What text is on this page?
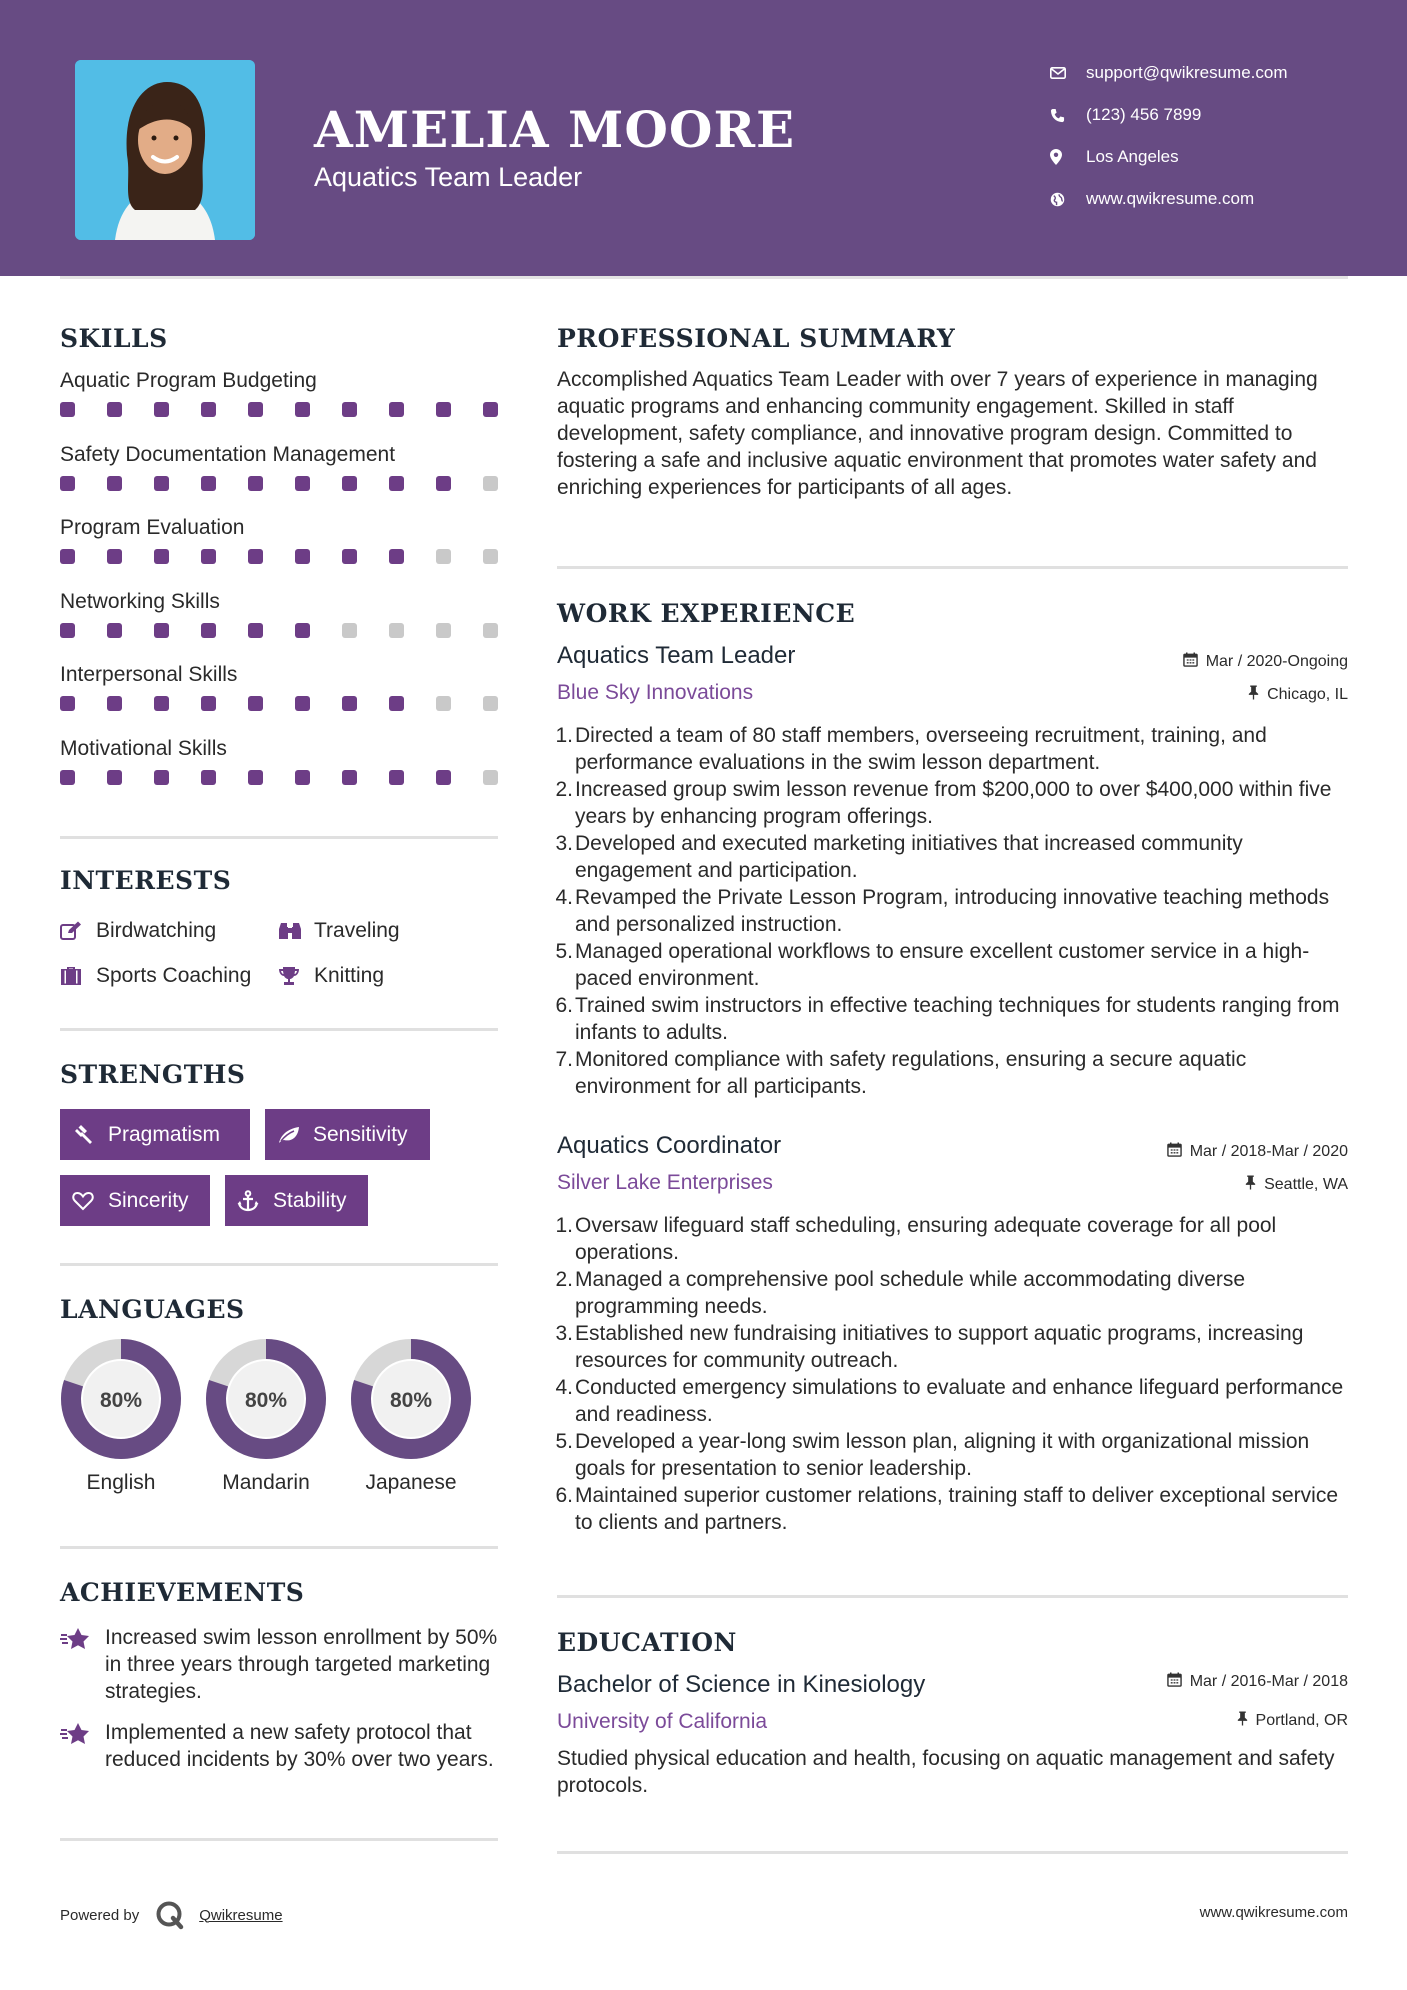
AMELIA MOORE
Aquatics Team Leader
support@qwikresume.com
(123) 456 7899
Los Angeles
www.qwikresume.com
SKILLS
Aquatic Program Budgeting
Safety Documentation Management
Program Evaluation
Networking Skills
Interpersonal Skills
Motivational Skills
INTERESTS
Birdwatching	Traveling
Sports Coaching	Knitting
STRENGTHS
Pragmatism	Sensitivity
Sincerity	Stability
LANGUAGES
80%
English
80%
Mandarin
80%
Japanese
ACHIEVEMENTS
Increased swim lesson enrollment by 50% in three years through targeted marketing strategies.
Implemented a new safety protocol that reduced incidents by 30% over two years.
PROFESSIONAL SUMMARY

Accomplished Aquatics Team Leader with over 7 years of experience in managing aquatic programs and enhancing community engagement. Skilled in staff development, safety compliance, and innovative program design. Committed to fostering a safe and inclusive aquatic environment that promotes water safety and enriching experiences for participants of all ages.

WORK EXPERIENCE
Aquatics Team Leader	Mar / 2020-Ongoing
Blue Sky Innovations	Chicago, IL
1. Directed a team of 80 staff members, overseeing recruitment, training, and performance evaluations in the swim lesson department.
2. Increased group swim lesson revenue from $200,000 to over $400,000 within five years by enhancing program offerings.
3. Developed and executed marketing initiatives that increased community engagement and participation.
4. Revamped the Private Lesson Program, introducing innovative teaching methods and personalized instruction.
5. Managed operational workflows to ensure excellent customer service in a high-paced environment.
6. Trained swim instructors in effective teaching techniques for students ranging from infants to adults.
7. Monitored compliance with safety regulations, ensuring a secure aquatic environment for all participants.
Aquatics Coordinator	Mar / 2018-Mar / 2020
Silver Lake Enterprises	Seattle, WA
1. Oversaw lifeguard staff scheduling, ensuring adequate coverage for all pool operations.
2. Managed a comprehensive pool schedule while accommodating diverse programming needs.
3. Established new fundraising initiatives to support aquatic programs, increasing resources for community outreach.
4. Conducted emergency simulations to evaluate and enhance lifeguard performance and readiness.
5. Developed a year-long swim lesson plan, aligning it with organizational mission goals for presentation to senior leadership.
6. Maintained superior customer relations, training staff to deliver exceptional service to clients and partners.
EDUCATION
Bachelor of Science in Kinesiology	Mar / 2016-Mar / 2018
University of California	Portland, OR

Studied physical education and health, focusing on aquatic management and safety protocols.

Powered by	Qwikresume	www.qwikresume.com
